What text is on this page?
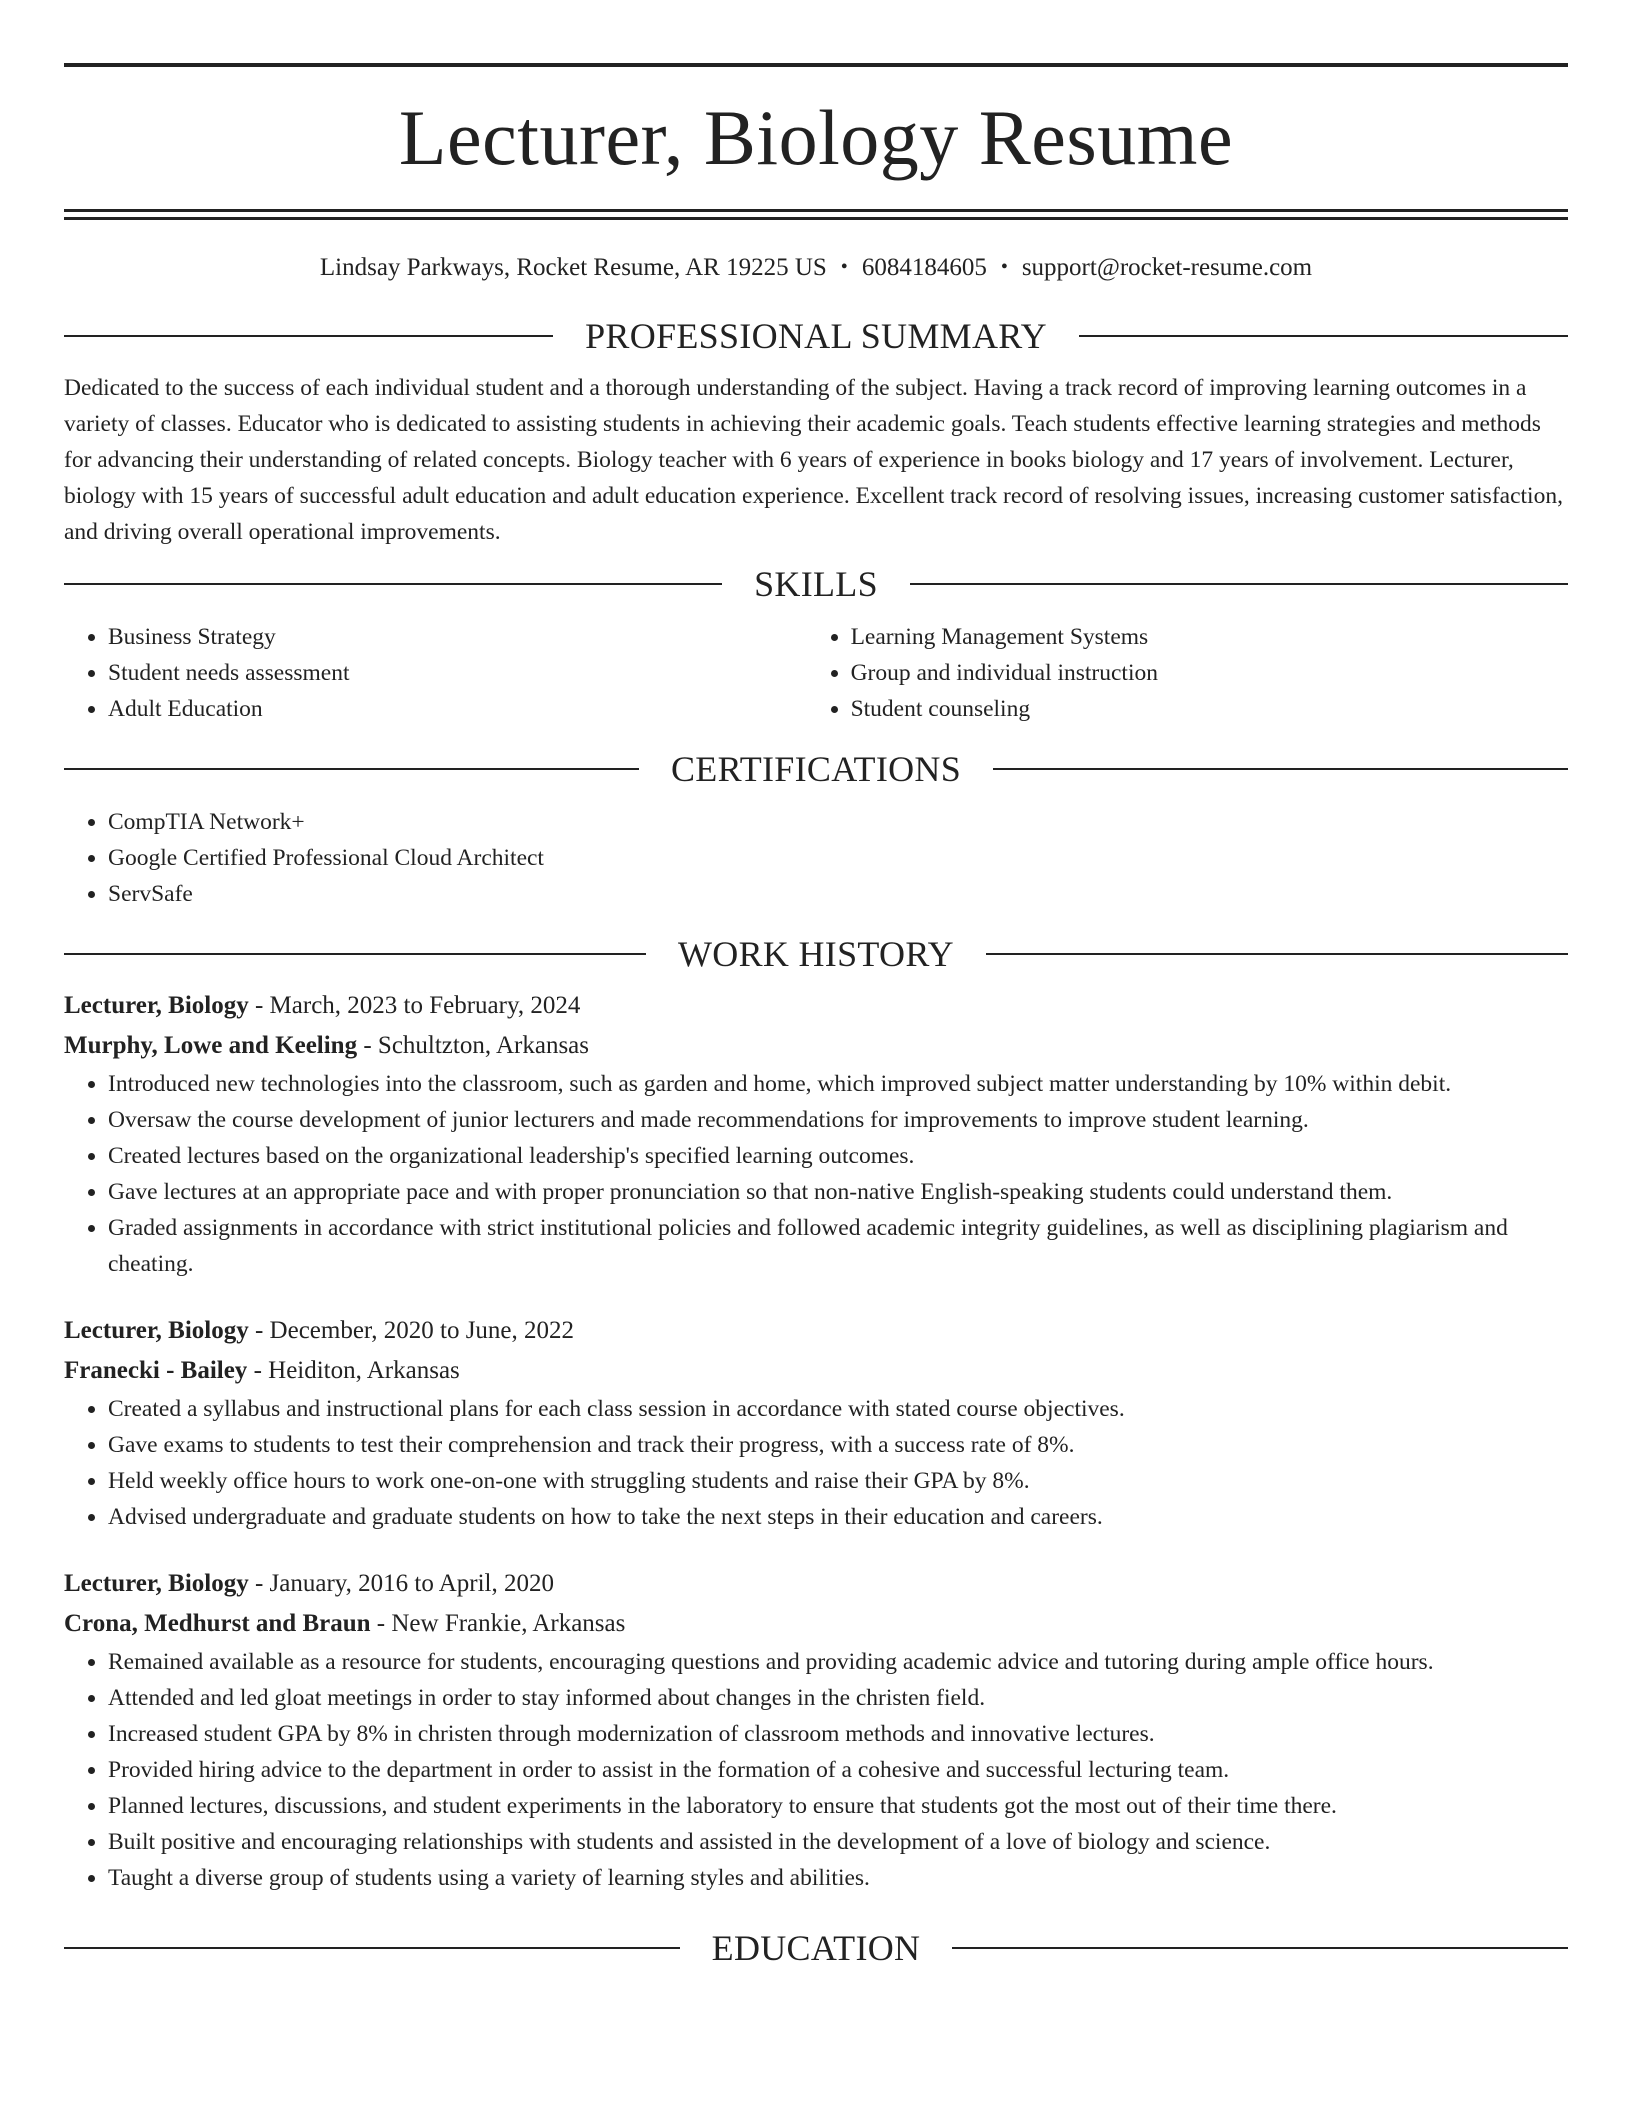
Lecturer, Biology Resume
Lindsay Parkways, Rocket Resume, AR 19225 US • 6084184605 • support@rocket-resume.com
PROFESSIONAL SUMMARY

Dedicated to the success of each individual student and a thorough understanding of the subject. Having a track record of improving learning outcomes in a variety of classes. Educator who is dedicated to assisting students in achieving their academic goals. Teach students effective learning strategies and methods for advancing their understanding of related concepts. Biology teacher with 6 years of experience in books biology and 17 years of involvement. Lecturer, biology with 15 years of successful adult education and adult education experience. Excellent track record of resolving issues, increasing customer satisfaction, and driving overall operational improvements.

SKILLS
• Business Strategy
• Student needs assessment
• Adult Education
• Learning Management Systems
• Group and individual instruction
• Student counseling
CERTIFICATIONS
• CompTIA Network+
• Google Certified Professional Cloud Architect
• ServSafe
WORK HISTORY

Lecturer, Biology - March, 2023 to February, 2024

Murphy, Lowe and Keeling - Schultzton, Arkansas

• Introduced new technologies into the classroom, such as garden and home, which improved subject matter understanding by 10% within debit.
• Oversaw the course development of junior lecturers and made recommendations for improvements to improve student learning.
• Created lectures based on the organizational leadership's specified learning outcomes.
• Gave lectures at an appropriate pace and with proper pronunciation so that non-native English-speaking students could understand them.
• Graded assignments in accordance with strict institutional policies and followed academic integrity guidelines, as well as disciplining plagiarism and cheating.

Lecturer, Biology - December, 2020 to June, 2022

Franecki - Bailey - Heiditon, Arkansas

• Created a syllabus and instructional plans for each class session in accordance with stated course objectives.
• Gave exams to students to test their comprehension and track their progress, with a success rate of 8%.
• Held weekly office hours to work one-on-one with struggling students and raise their GPA by 8%.
• Advised undergraduate and graduate students on how to take the next steps in their education and careers.

Lecturer, Biology - January, 2016 to April, 2020

Crona, Medhurst and Braun - New Frankie, Arkansas

• Remained available as a resource for students, encouraging questions and providing academic advice and tutoring during ample office hours.
• Attended and led gloat meetings in order to stay informed about changes in the christen field.
• Increased student GPA by 8% in christen through modernization of classroom methods and innovative lectures.
• Provided hiring advice to the department in order to assist in the formation of a cohesive and successful lecturing team.
• Planned lectures, discussions, and student experiments in the laboratory to ensure that students got the most out of their time there.
• Built positive and encouraging relationships with students and assisted in the development of a love of biology and science.
• Taught a diverse group of students using a variety of learning styles and abilities.
EDUCATION
